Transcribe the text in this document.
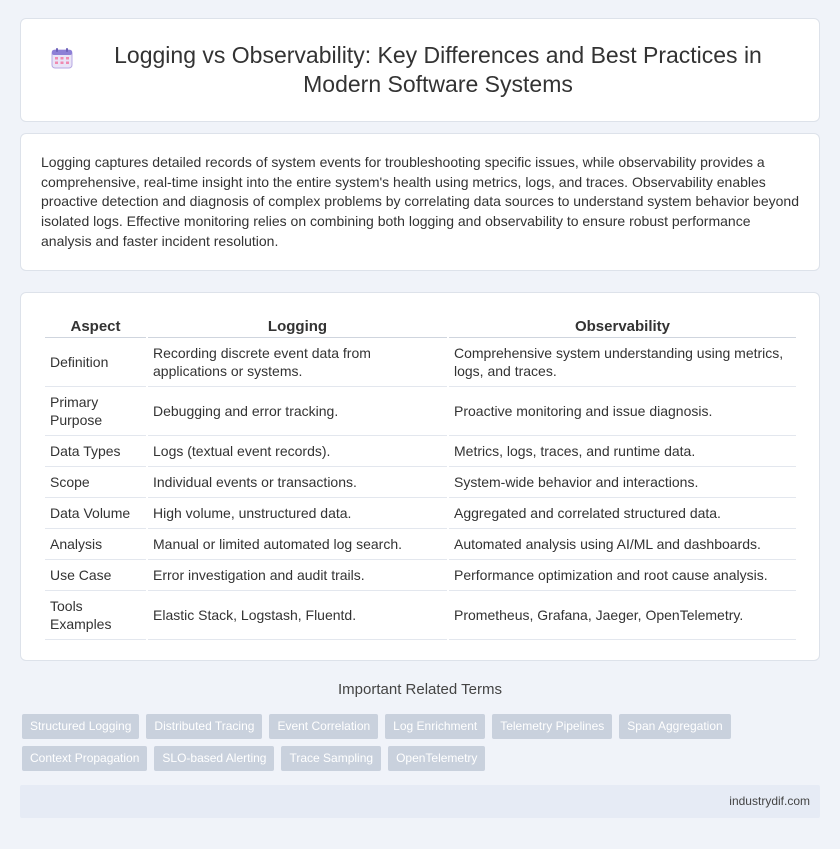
Logging vs Observability: Key Differences and Best Practices in Modern Software Systems

Logging captures detailed records of system events for troubleshooting specific issues, while observability provides a comprehensive, real-time insight into the entire system's health using metrics, logs, and traces. Observability enables proactive detection and diagnosis of complex problems by correlating data sources to understand system behavior beyond isolated logs. Effective monitoring relies on combining both logging and observability to ensure robust performance analysis and faster incident resolution.

Aspect	Logging	Observability
Definition	Recording discrete event data from applications or systems.	Comprehensive system understanding using metrics, logs, and traces.
Primary Purpose	Debugging and error tracking.	Proactive monitoring and issue diagnosis.
Data Types	Logs (textual event records).	Metrics, logs, traces, and runtime data.
Scope	Individual events or transactions.	System-wide behavior and interactions.
Data Volume	High volume, unstructured data.	Aggregated and correlated structured data.
Analysis	Manual or limited automated log search.	Automated analysis using AI/ML and dashboards.
Use Case	Error investigation and audit trails.	Performance optimization and root cause analysis.
Tools Examples	Elastic Stack, Logstash, Fluentd.	Prometheus, Grafana, Jaeger, OpenTelemetry.
Important Related Terms
Structured Logging	Distributed Tracing	Event Correlation	Log Enrichment	Telemetry Pipelines	Span Aggregation
Context Propagation	SLO-based Alerting	Trace Sampling	OpenTelemetry
industrydif.com
